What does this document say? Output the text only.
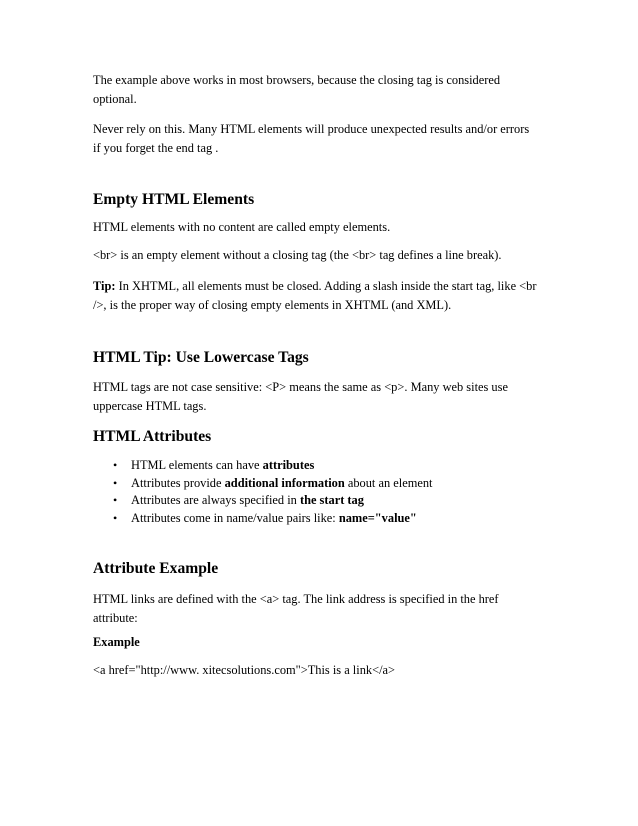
The example above works in most browsers, because the closing tag is considered
optional.

Never rely on this. Many HTML elements will produce unexpected results and/or errors
if you forget the end tag .

Empty HTML Elements

HTML elements with no content are called empty elements.

<br> is an empty element without a closing tag (the <br> tag defines a line break).

Tip: In XHTML, all elements must be closed. Adding a slash inside the start tag, like <br
/>, is the proper way of closing empty elements in XHTML (and XML).

HTML Tip: Use Lowercase Tags

HTML tags are not case sensitive: <P> means the same as <p>. Many web sites use
uppercase HTML tags.

HTML Attributes
• HTML elements can have attributes
• Attributes provide additional information about an element
• Attributes are always specified in the start tag
• Attributes come in name/value pairs like: name="value"
Attribute Example

HTML links are defined with the <a> tag. The link address is specified in the href
attribute:

Example

<a href="http://www. xitecsolutions.com">This is a link</a>
